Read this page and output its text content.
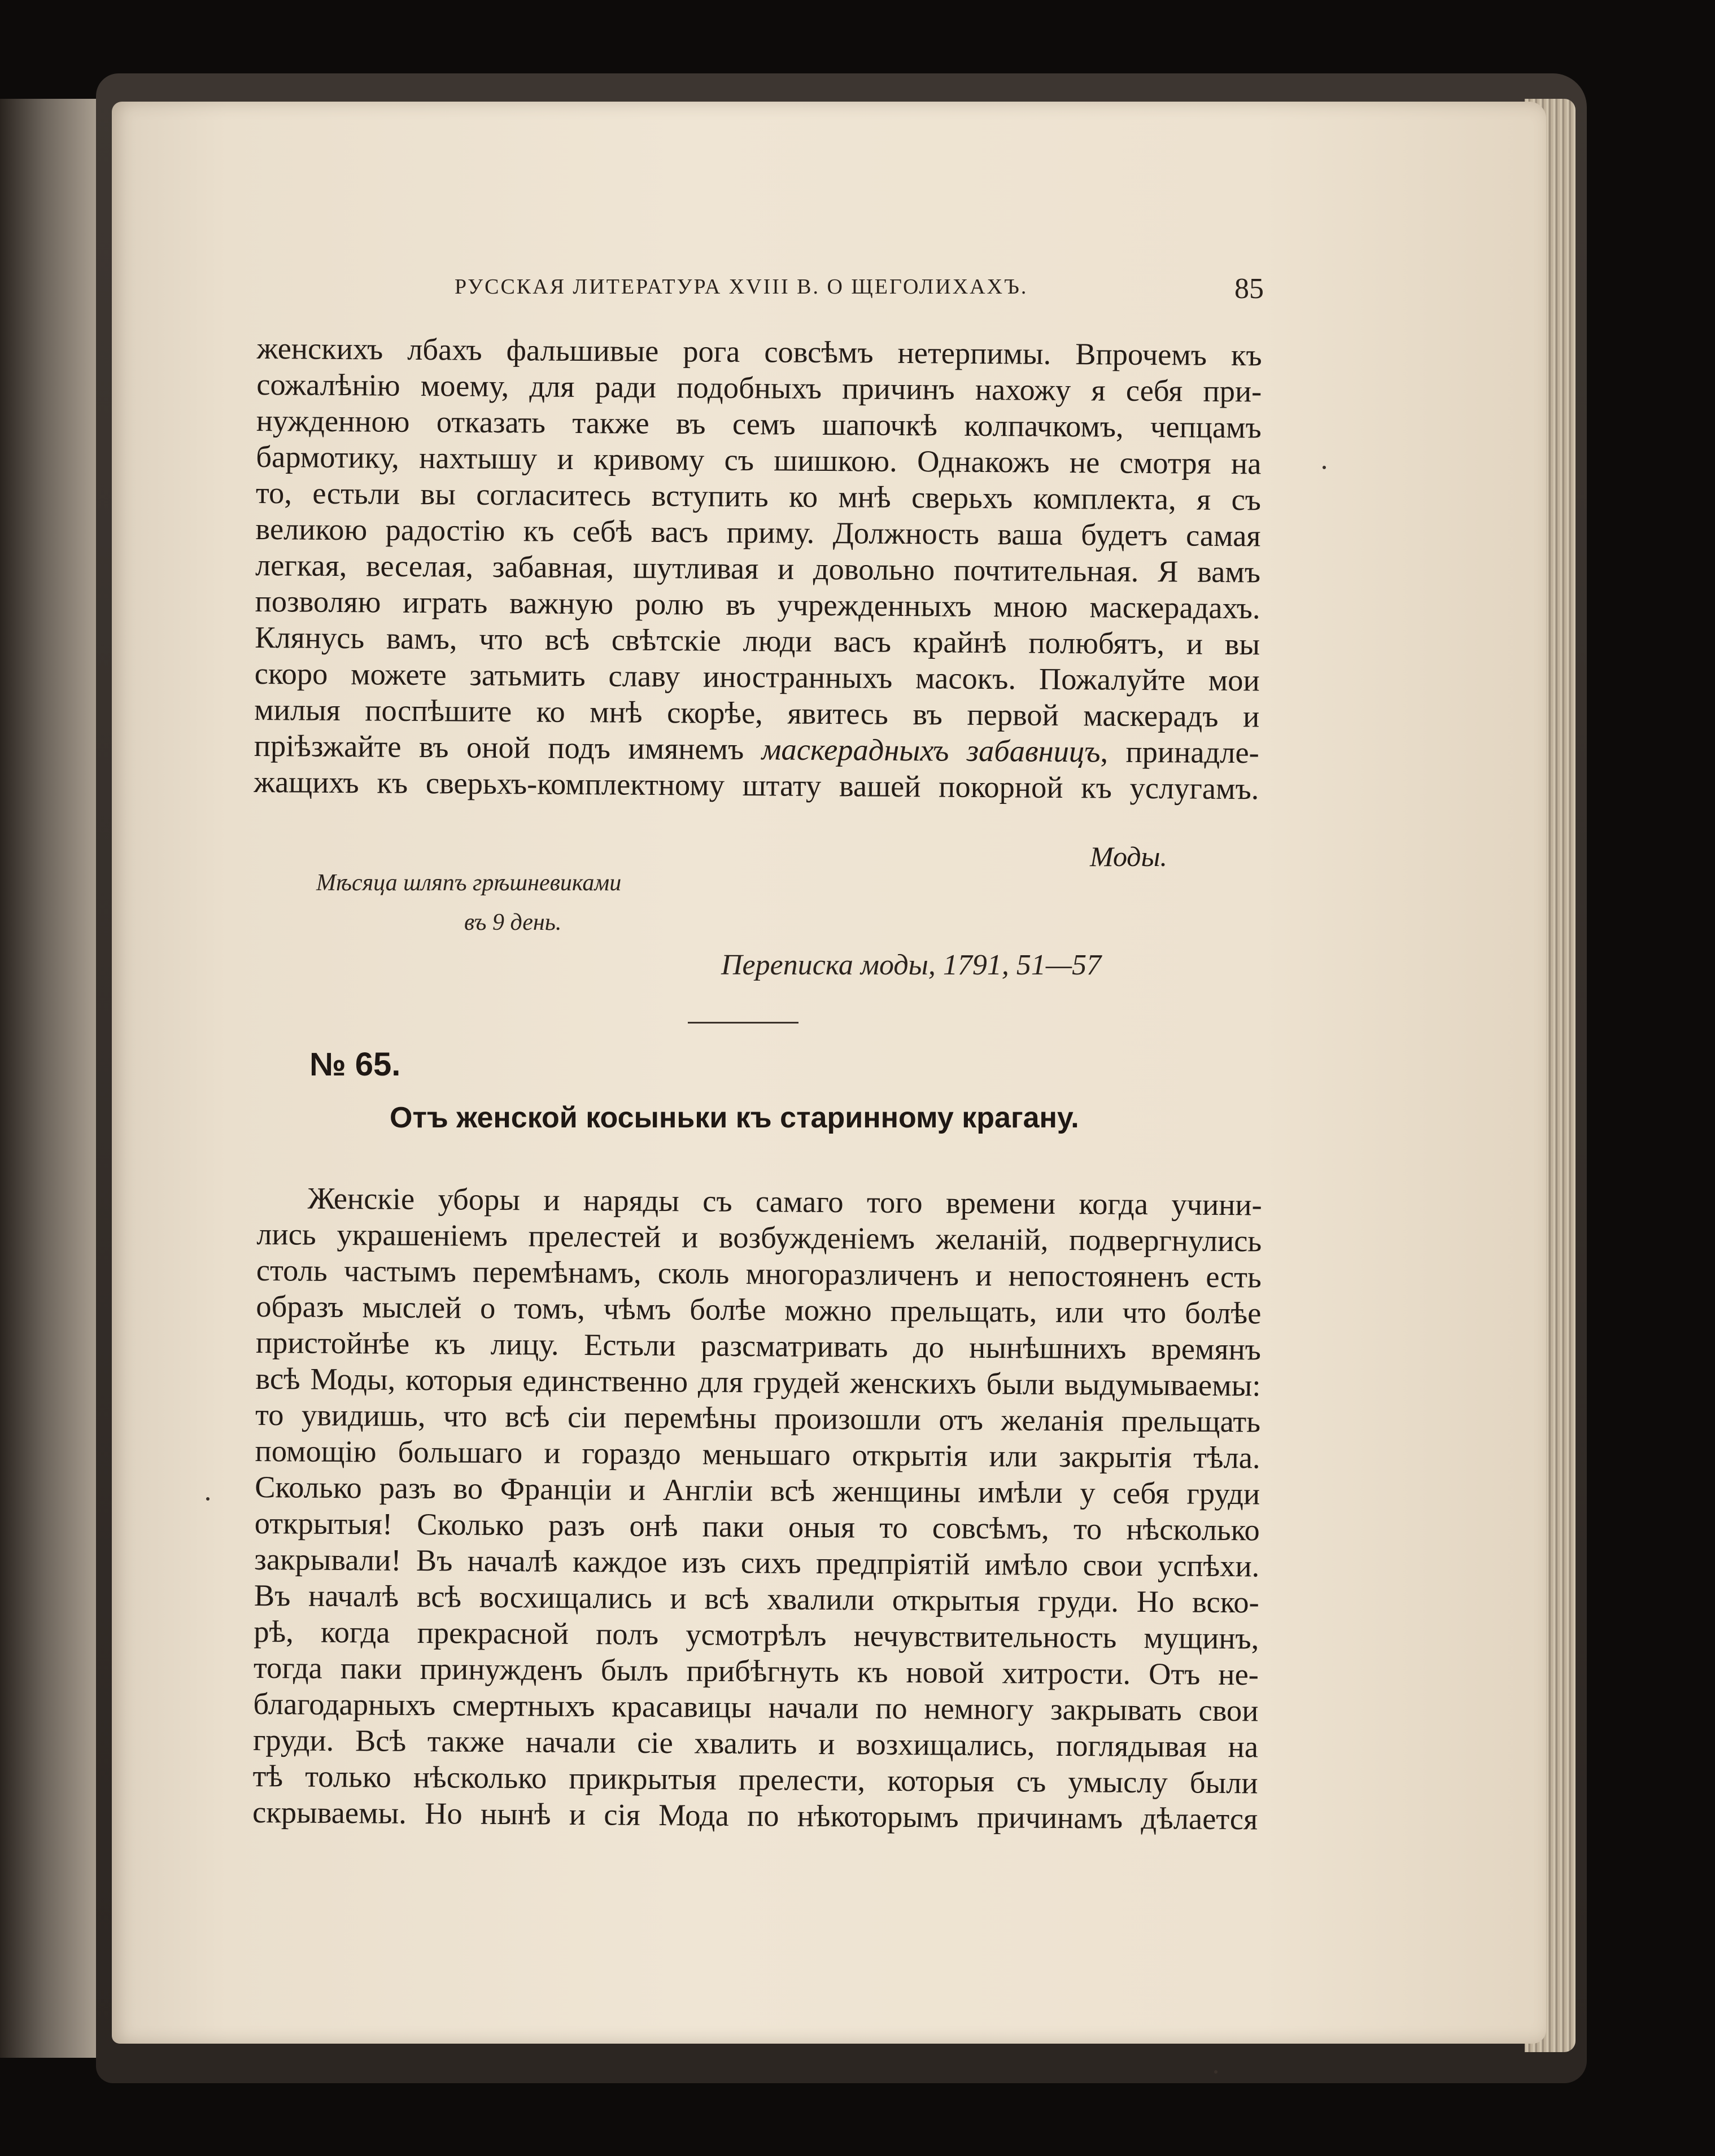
РУССКАЯ ЛИТЕРАТУРА XVIII В. О ЩЕГОЛИХАХЪ.	85
женскихъ лбахъ фальшивые рога совсѣмъ нетерпимы. Впрочемъ къ
сожалѣнію моему, для ради подобныхъ причинъ нахожу я себя при-
нужденною отказать также въ семъ шапочкѣ колпачкомъ, чепцамъ
бармотику, нахтышу и кривому съ шишкою. Однакожъ не смотря на
то, естьли вы согласитесь вступить ко мнѣ сверьхъ комплекта, я съ
великою радостію къ себѣ васъ приму. Должность ваша будетъ самая
легкая, веселая, забавная, шутливая и довольно почтительная. Я вамъ
позволяю играть важную ролю въ учрежденныхъ мною маскерадахъ.
Клянусь вамъ, что всѣ свѣтскіе люди васъ крайнѣ полюбятъ, и вы
скоро можете затьмить славу иностранныхъ масокъ. Пожалуйте мои
милыя поспѣшите ко мнѣ скорѣе, явитесь въ первой маскерадъ и
пріѣзжайте въ оной подъ имянемъ маскерадныхъ забавницъ, принадле-
жащихъ къ сверьхъ-комплектному штату вашей покорной къ услугамъ.
Моды.
Мѣсяца шляпъ грѣшневиками
въ 9 день.
Переписка моды, 1791, 51—57
№ 65.
Отъ женской косыньки къ старинному крагану.
Женскіе уборы и наряды съ самаго того времени когда учини-
лись украшеніемъ прелестей и возбужденіемъ желаній, подвергнулись
столь частымъ перемѣнамъ, сколь многоразличенъ и непостояненъ есть
образъ мыслей о томъ, чѣмъ болѣе можно прельщать, или что болѣе
пристойнѣе къ лицу. Естьли разсматривать до нынѣшнихъ времянъ
всѣ Моды, которыя единственно для грудей женскихъ были выдумываемы:
то увидишь, что всѣ сіи перемѣны произошли отъ желанія прельщать
помощію большаго и гораздо меньшаго открытія или закрытія тѣла.
Сколько разъ во Франціи и Англіи всѣ женщины имѣли у себя груди
открытыя! Сколько разъ онѣ паки оныя то совсѣмъ, то нѣсколько
закрывали! Въ началѣ каждое изъ сихъ предпріятій имѣло свои успѣхи.
Въ началѣ всѣ восхищались и всѣ хвалили открытыя груди. Но вско-
рѣ, когда прекрасной полъ усмотрѣлъ нечувствительность мущинъ,
тогда паки принужденъ былъ прибѣгнуть къ новой хитрости. Отъ не-
благодарныхъ смертныхъ красавицы начали по немногу закрывать свои
груди. Всѣ также начали сіе хвалить и возхищались, поглядывая на
тѣ только нѣсколько прикрытыя прелести, которыя съ умыслу были
скрываемы. Но нынѣ и сія Мода по нѣкоторымъ причинамъ дѣлается
